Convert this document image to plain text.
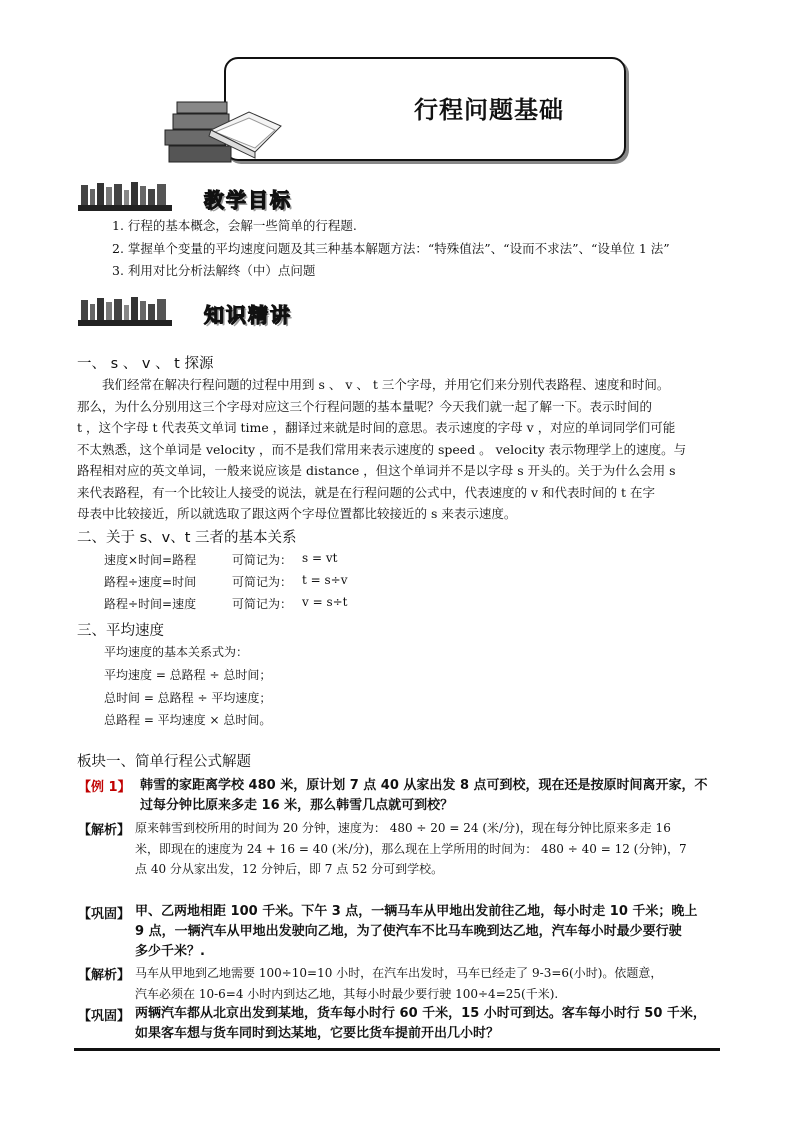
行程问题基础
教学目标
1. 行程的基本概念，会解一些简单的行程题.
2. 掌握单个变量的平均速度问题及其三种基本解题方法：“特殊值法”、“设而不求法”、“设单位 1 法”
3. 利用对比分析法解终（中）点问题
知识精讲
一、 s 、 v 、 t 探源

我们经常在解决行程问题的过程中用到 s 、 v 、 t 三个字母，并用它们来分别代表路程、速度和时间。

那么，为什么分别用这三个字母对应这三个行程问题的基本量呢？今天我们就一起了解一下。表示时间的

t ，这个字母 t 代表英文单词 time ，翻译过来就是时间的意思。表示速度的字母 v ，对应的单词同学们可能

不太熟悉，这个单词是 velocity ，而不是我们常用来表示速度的 speed 。 velocity 表示物理学上的速度。与

路程相对应的英文单词，一般来说应该是 distance ，但这个单词并不是以字母 s 开头的。关于为什么会用 s

来代表路程，有一个比较让人接受的说法，就是在行程问题的公式中，代表速度的 v 和代表时间的 t 在字

母表中比较接近，所以就选取了跟这两个字母位置都比较接近的 s 来表示速度。

二、关于 s、v、t 三者的基本关系
速度×时间=路程	可简记为： s = vt
路程÷速度=时间	可简记为： t = s÷v
路程÷时间=速度	可简记为： v = s÷t
三、平均速度
平均速度的基本关系式为：
平均速度 = 总路程 ÷ 总时间；
总时间 = 总路程 ÷ 平均速度；
总路程 = 平均速度 × 总时间。
板块一、简单行程公式解题
【例 1】 韩雪的家距离学校 480 米，原计划 7 点 40 从家出发 8 点可到校，现在还是按原时间离开家，不
过每分钟比原来多走 16 米，那么韩雪几点就可到校？
【解析】 原来韩雪到校所用的时间为 20 分钟，速度为： 480 ÷ 20 = 24 (米/分)，现在每分钟比原来多走 16
米，即现在的速度为 24 + 16 = 40 (米/分)，那么现在上学所用的时间为： 480 ÷ 40 = 12 (分钟)，7
点 40 分从家出发，12 分钟后，即 7 点 52 分可到学校。
【巩固】 甲、乙两地相距 100 千米。下午 3 点，一辆马车从甲地出发前往乙地，每小时走 10 千米；晚上
9 点，一辆汽车从甲地出发驶向乙地，为了使汽车不比马车晚到达乙地，汽车每小时最少要行驶
多少千米？.
【解析】 马车从甲地到乙地需要 100÷10=10 小时，在汽车出发时，马车已经走了 9-3=6(小时)。依题意，
汽车必须在 10-6=4 小时内到达乙地，其每小时最少要行驶 100÷4=25(千米).
【巩固】 两辆汽车都从北京出发到某地，货车每小时行 60 千米，15 小时可到达。客车每小时行 50 千米，
如果客车想与货车同时到达某地，它要比货车提前开出几小时？
